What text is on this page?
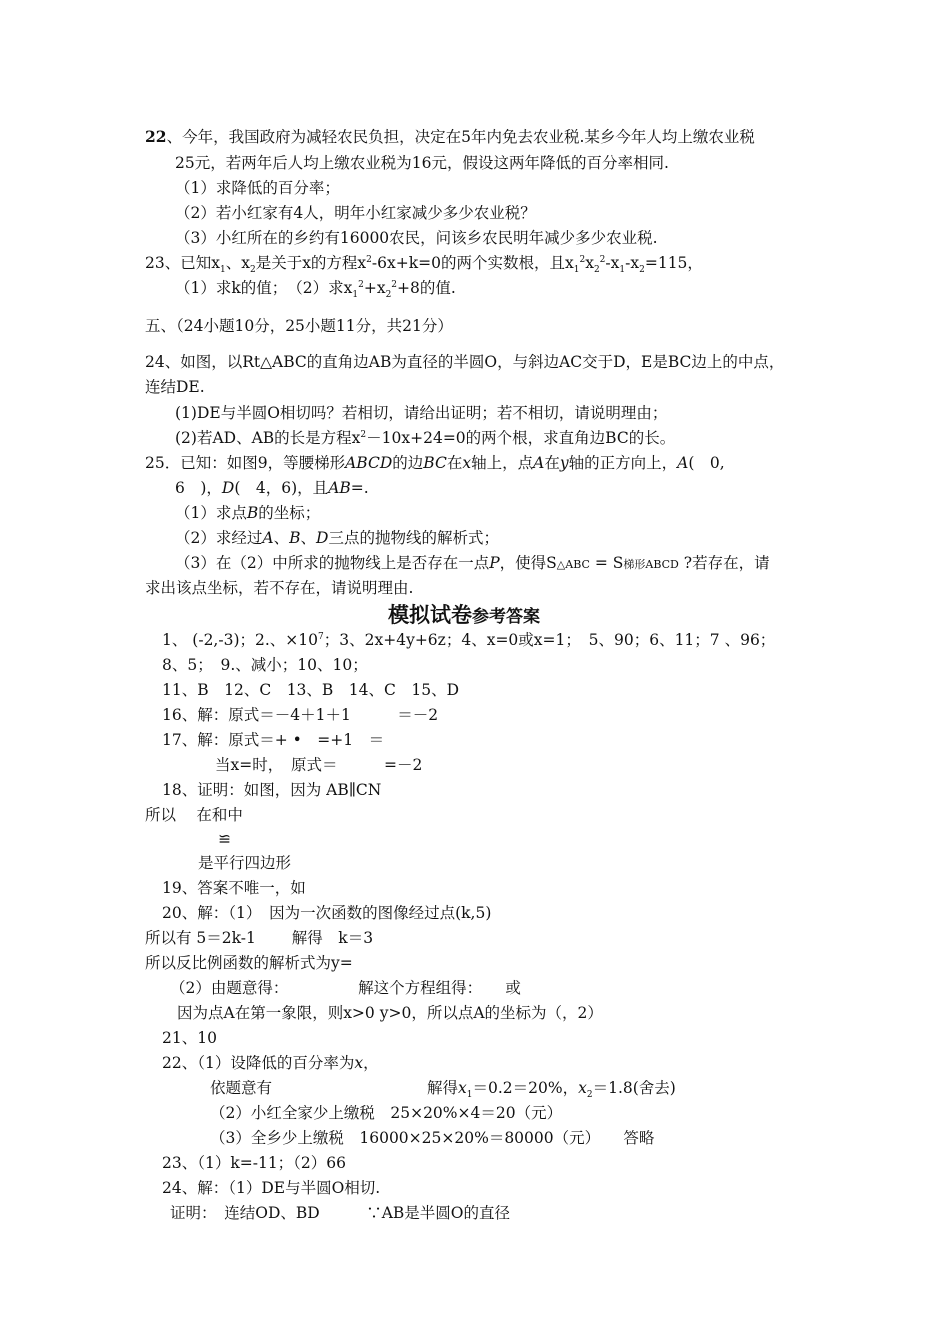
22、今年，我国政府为减轻农民负担，决定在5年内免去农业税.某乡今年人均上缴农业税
25元，若两年后人均上缴农业税为16元，假设这两年降低的百分率相同.
（1）求降低的百分率；
（2）若小红家有4人，明年小红家减少多少农业税？
（3）小红所在的乡约有16000农民，问该乡农民明年减少多少农业税.
23、已知$x_1$、$x_2$是关于x的方程$x^2-6x+k=0$的两个实数根，且$x_1^2x_2^2-x_1-x_2=115$，
（1）求k的值；　（2）求$x_1^2+x_2^2+8$的值.
五、（24小题10分，25小题11分，共21分）
24、如图，以Rt△ABC的直角边AB为直径的半圆O，与斜边AC交于D，E是BC边上的中点，
连结DE.
(1)DE与半圆O相切吗？若相切，请给出证明；若不相切，请说明理由；
(2)若AD、AB的长是方程$x^2-10x+24=0$的两个根，求直角边BC的长。
25．已知：如图9，等腰梯形ABCD的边BC在x轴上，点A在y轴的正方向上，A(　0,
6　)，D(　4，6)，且AB=.
（1）求点B的坐标；
（2）求经过A、B、D三点的抛物线的解析式；
（3）在（2）中所求的抛物线上是否存在一点P，使得S△ABC = S梯形ABCD ?若存在，请
求出该点坐标，若不存在，请说明理由.
模拟试卷参考答案
1、 (-2,-3)；2.、$\times 10^7$；3、2x+4y+6z；4、x=0或x=1；　5、90；6、11；7 、96；
8、5；　9.、减小；10、10；
11、B　12、C　13、B　14、C　15、D
16、解：原式＝－4＋1＋1　　　＝－2
17、解：原式＝+ •　=+1　＝
当x=时，　原式＝　　　=－2
18、证明：如图，因为 AB∥CN
所以　 在和中
≌
是平行四边形
19、答案不唯一，如
20、解：（1）　因为一次函数的图像经过点(k,5)
所以有 5＝2k-1　　 解得　k＝3
所以反比例函数的解析式为y=
（2）由题意得：　　　　　解这个方程组得：　　或
因为点A在第一象限，则x>0 y>0，所以点A的坐标为（，2）
21、10
22、（1）设降低的百分率为x，
依题意有　　　　　　　　　　解得$x_1=0.2=20\%$，$x_2=1.8$(舍去)
（2）小红全家少上缴税　25×20%×4＝20（元）
（3）全乡少上缴税　16000×25×20%＝80000（元）　　答略
23、（1）k=-11；（2）66
24、解：（1）DE与半圆O相切.
证明：　连结OD、BD　　　∵AB是半圆O的直径
